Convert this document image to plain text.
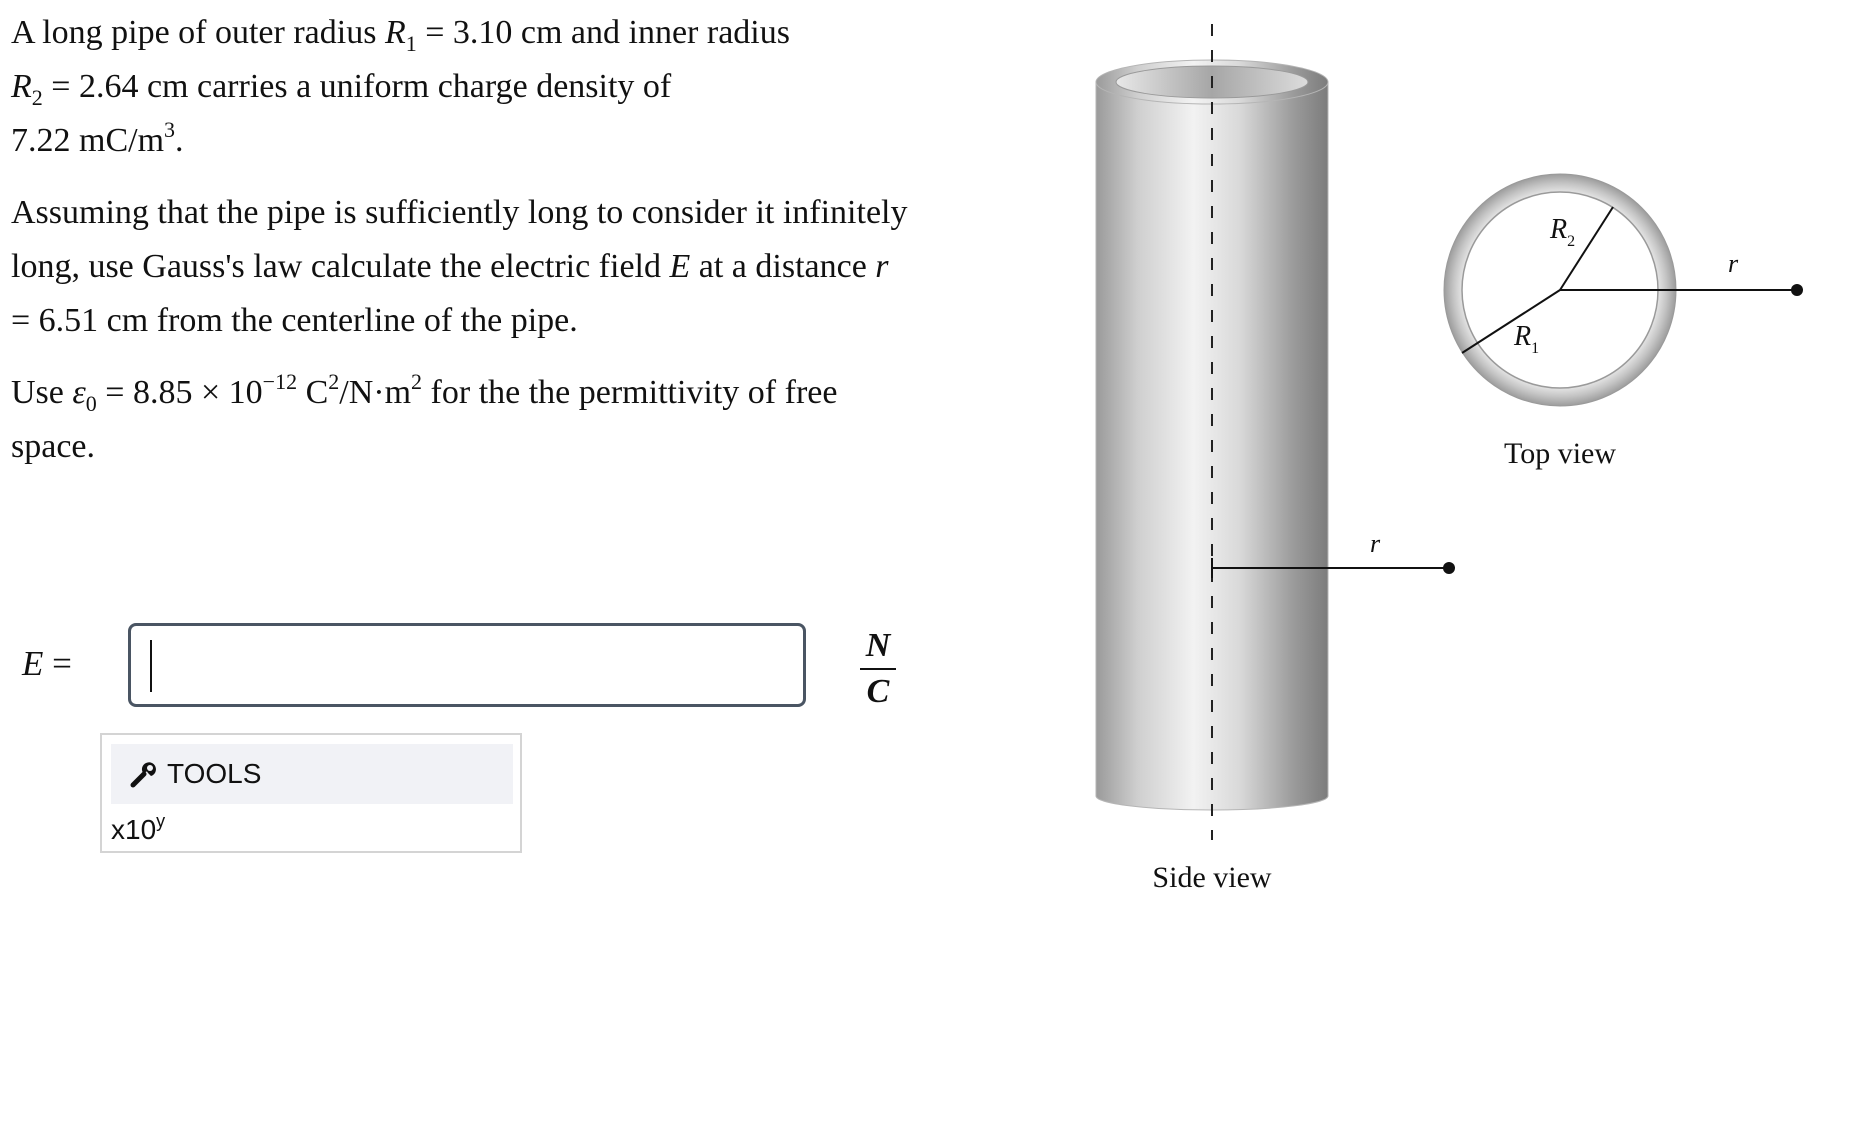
A long pipe of outer radius $R_1 = 3.10$ cm and inner radius
$R_2 = 2.64$ cm carries a uniform charge density of
7.22 $mC/m^3$.

Assuming that the pipe is sufficiently long to consider it infinitely long, use Gauss's law calculate the electric field E at a distance r = 6.51 cm from the centerline of the pipe.

Use $\varepsilon_0 = 8.85 \times 10^{-12}$ $C^2/N\cdot m^2$ for the the permittivity of free space.

E =	N
C
TOOLS
x10$^y$
r
Side view
$R_2$
$R_1$
r
Top view
